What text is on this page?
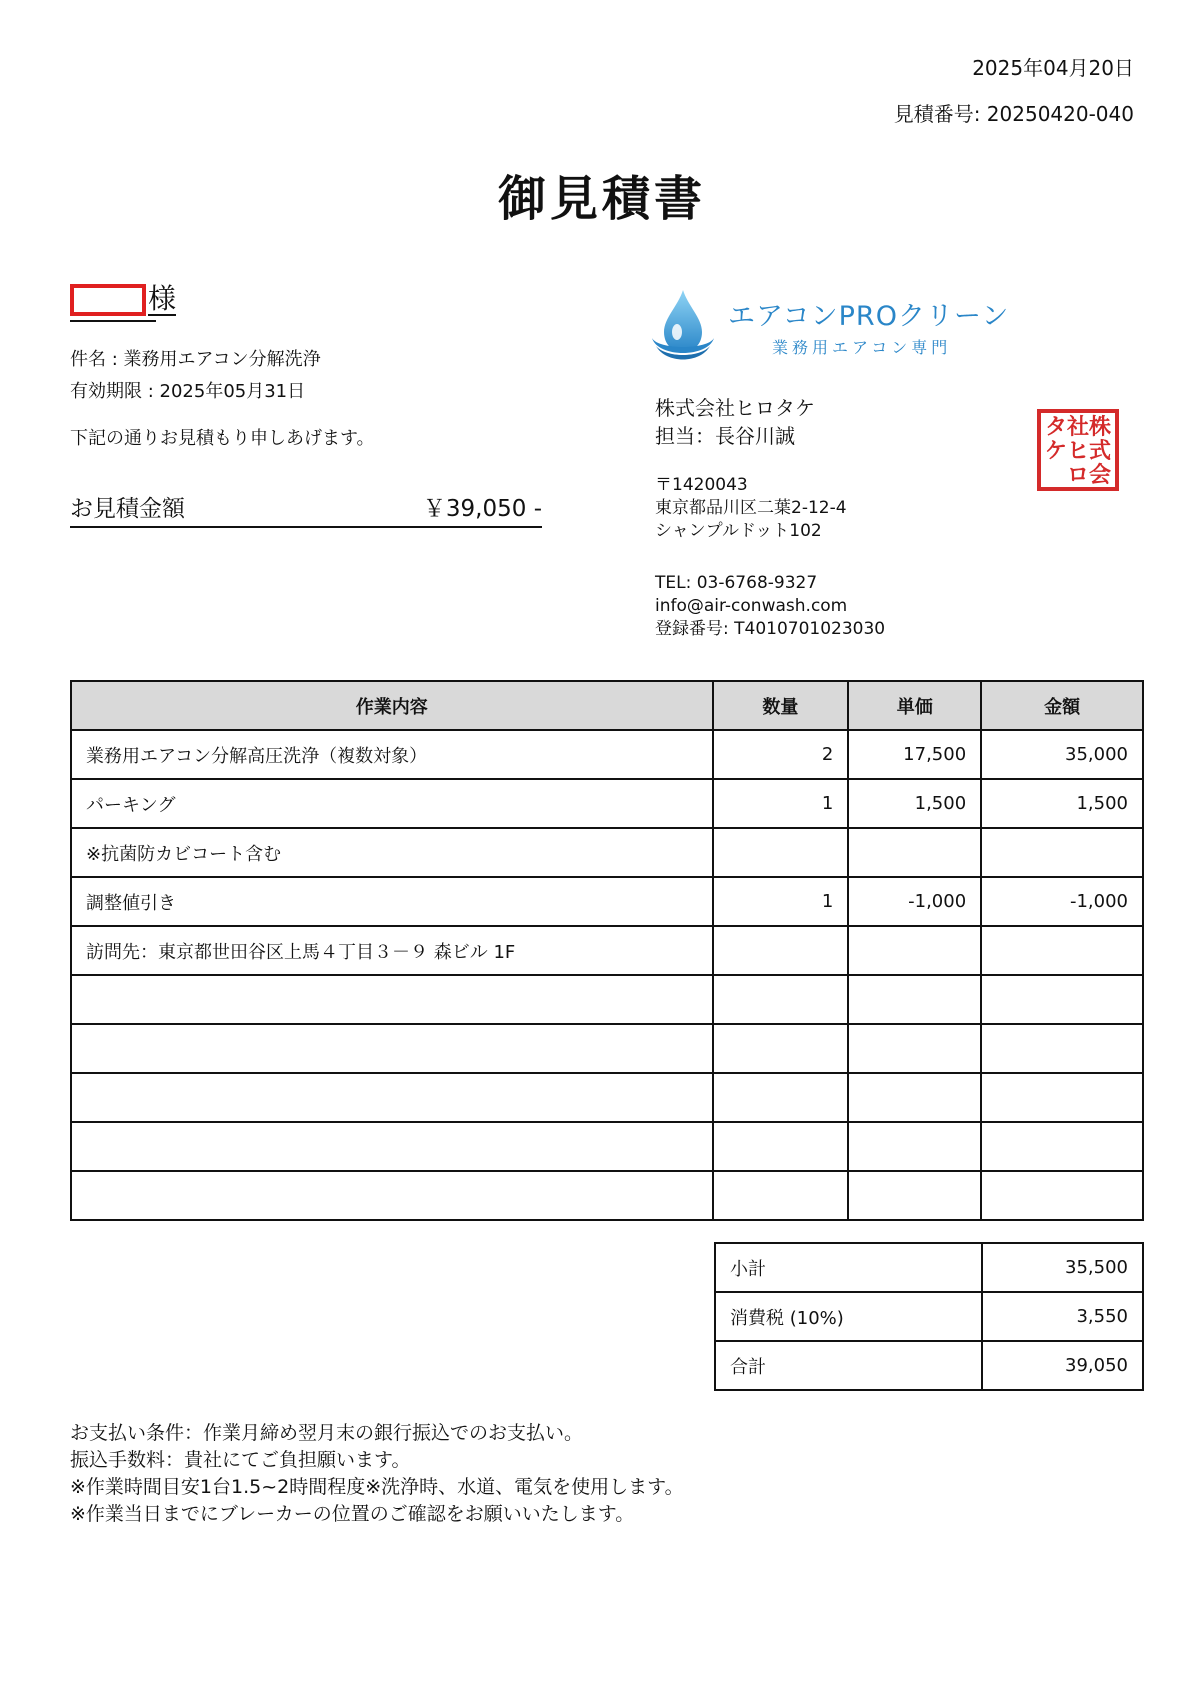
2025年04月20日
見積番号: 20250420-040
御見積書
様
件名 : 業務用エアコン分解洗浄
有効期限 : 2025年05月31日
下記の通りお見積もり申しあげます。
お見積金額	￥39,050 -
エアコンPROクリーン
業務用エアコン専門
株式会社ヒロタケ
担当：長谷川誠
〒1420043
東京都品川区二葉2-12-4
シャンプルドット102
TEL: 03-6768-9327
info@air-conwash.com
登録番号: T4010701023030
株
式
会
社
ヒ
ロ
タ
ケ
作業内容	数量	単価	金額
業務用エアコン分解高圧洗浄（複数対象）	2	17,500	35,000
パーキング	1	1,500	1,500
※抗菌防カビコート含む			
調整値引き	1	-1,000	-1,000
訪問先：東京都世田谷区上馬４丁目３－９ 森ビル 1F			

小計	35,500
消費税 (10%)	3,550
合計	39,050
お支払い条件：作業月締め翌月末の銀行振込でのお支払い。
振込手数料：貴社にてご負担願います。
※作業時間目安1台1.5~2時間程度※洗浄時、水道、電気を使用します。
※作業当日までにブレーカーの位置のご確認をお願いいたします。
